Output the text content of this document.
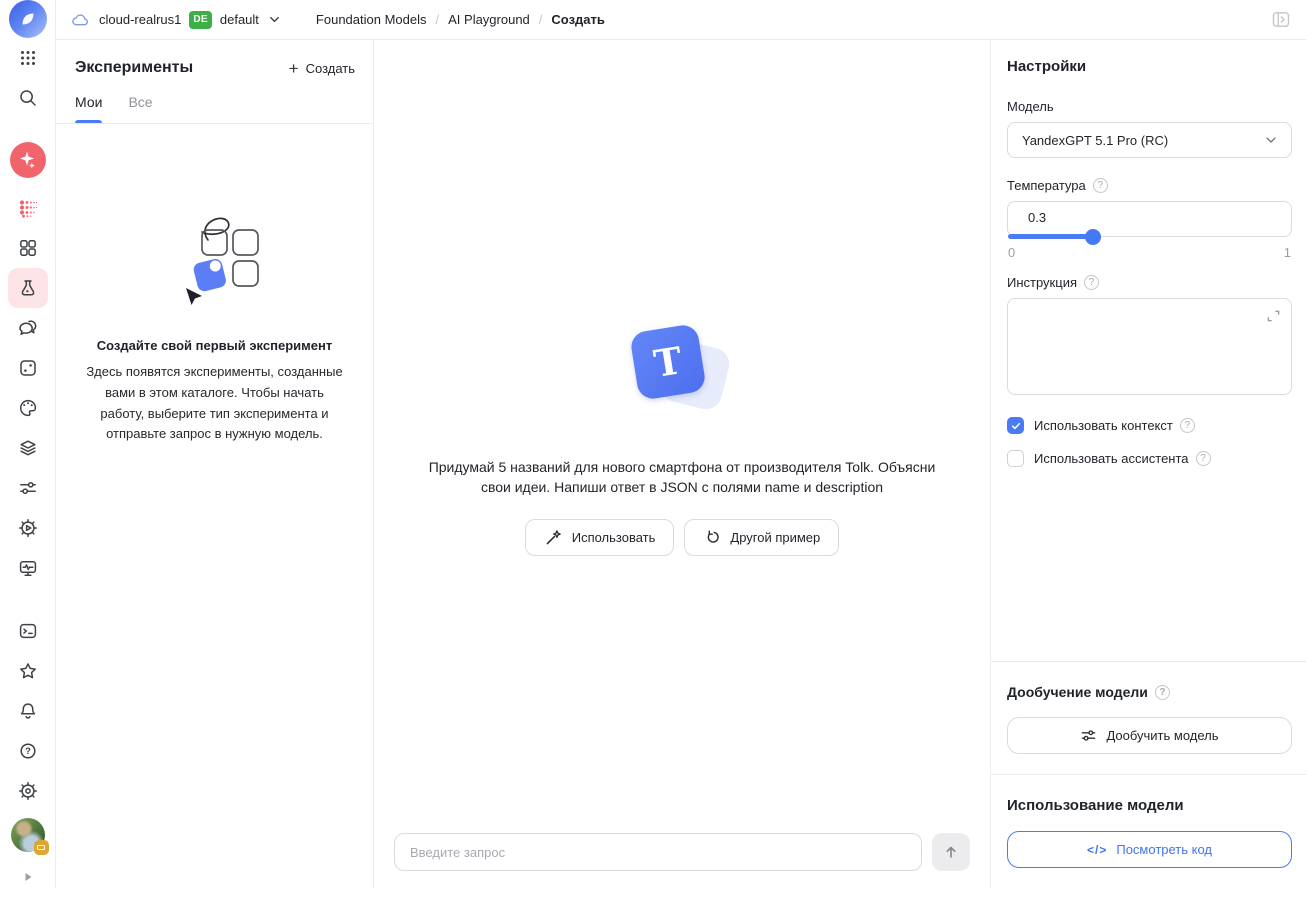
?
cloud-realrus1	DE default	Foundation Models / AI Playground / Создать
Эксперименты	+ Создать
Мои Все
Создайте свой первый эксперимент

Здесь появятся эксперименты, созданные вами в этом каталоге. Чтобы начать работу, выберите тип эксперимента и отправьте запрос в нужную модель.

T

Придумай 5 названий для нового смартфона от производителя Tolk. Объясни свои идеи. Напиши ответ в JSON с полями name и description

Использовать	Другой пример
Введите запрос
Настройки
Модель
YandexGPT 5.1 Pro (RC)
Температура	?
0.3
0	1
Инструкция	?
Использовать контекст	?
Использовать ассистента	?
Дообучение модели	?
Дообучить модель
Использование модели
</> Посмотреть код
